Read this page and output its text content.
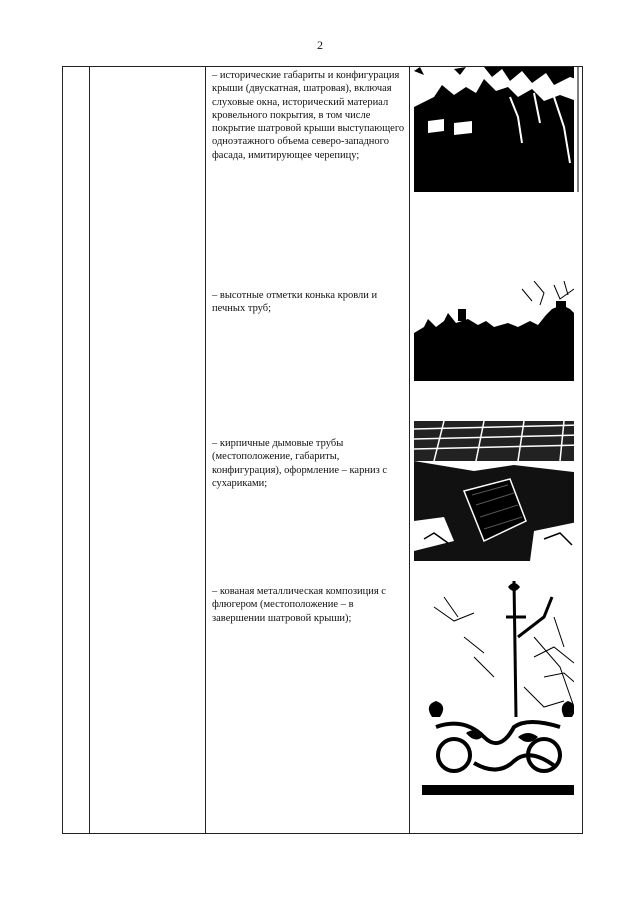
2

– исторические габариты и конфигурация крыши (двускатная, шатровая), включая слуховые окна, исторический материал кровельного покрытия, в том числе покрытие шатровой крыши выступающего одноэтажного объема северо-западного фасада, имитирующее черепицу;
– высотные отметки конька кровли и печных труб;
– кирпичные дымовые трубы (местоположение, габариты, конфигурация), оформление – карниз с сухариками;
– кованая металлическая композиция с флюгером (местоположение – в завершении шатровой крыши);
